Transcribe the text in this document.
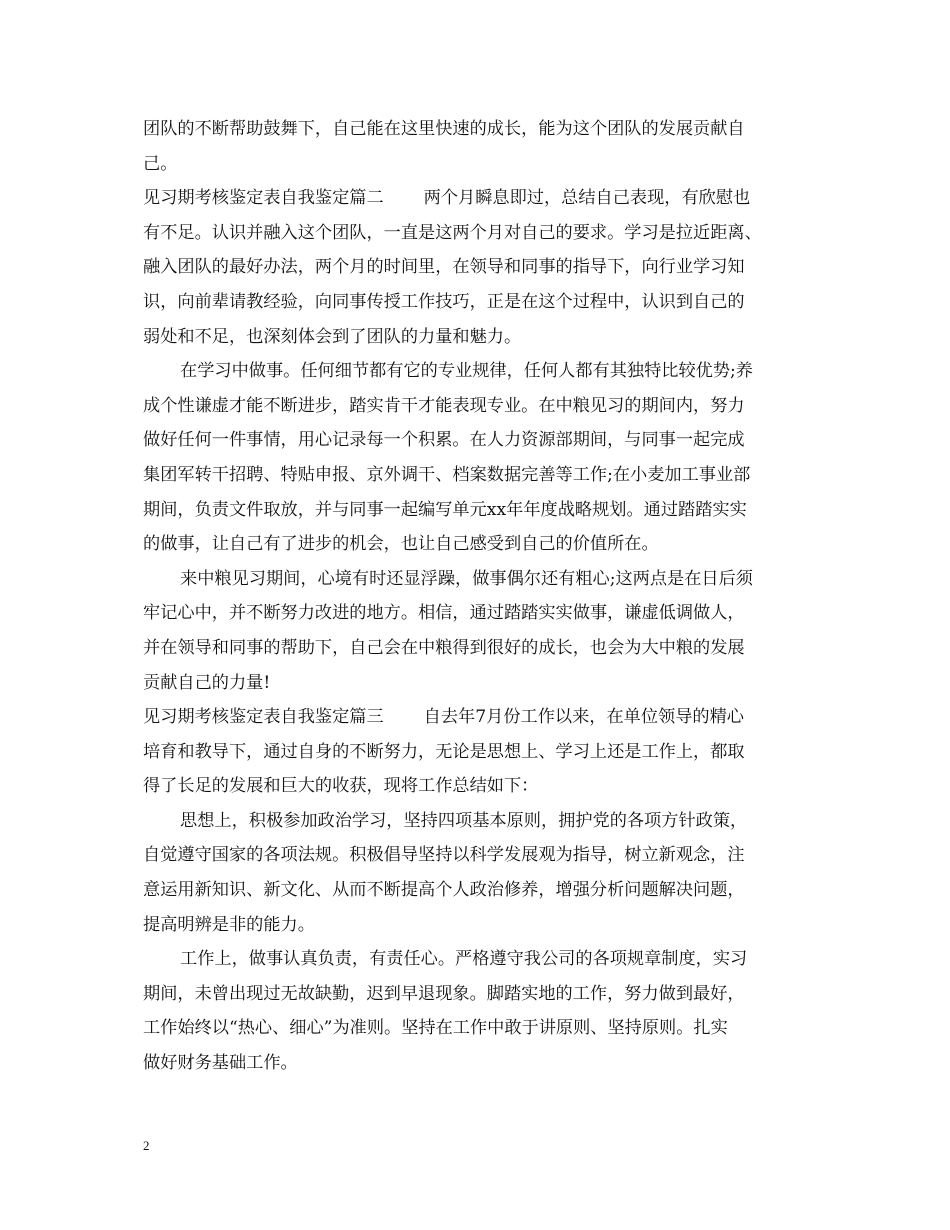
团队的不断帮助鼓舞下，自己能在这里快速的成长，能为这个团队的发展贡献自
己。
见习期考核鉴定表自我鉴定篇二 两个月瞬息即过，总结自己表现，有欣慰也
有不足。认识并融入这个团队，一直是这两个月对自己的要求。学习是拉近距离、
融入团队的最好办法，两个月的时间里，在领导和同事的指导下，向行业学习知
识，向前辈请教经验，向同事传授工作技巧，正是在这个过程中，认识到自己的
弱处和不足，也深刻体会到了团队的力量和魅力。
在学习中做事。任何细节都有它的专业规律，任何人都有其独特比较优势;养
成个性谦虚才能不断进步，踏实肯干才能表现专业。在中粮见习的期间内，努力
做好任何一件事情，用心记录每一个积累。在人力资源部期间，与同事一起完成
集团军转干招聘、特贴申报、京外调干、档案数据完善等工作;在小麦加工事业部
期间，负责文件取放，并与同事一起编写单元xx年年度战略规划。通过踏踏实实
的做事，让自己有了进步的机会，也让自己感受到自己的价值所在。
来中粮见习期间，心境有时还显浮躁，做事偶尔还有粗心;这两点是在日后须
牢记心中，并不断努力改进的地方。相信，通过踏踏实实做事，谦虚低调做人，
并在领导和同事的帮助下，自己会在中粮得到很好的成长，也会为大中粮的发展
贡献自己的力量!
见习期考核鉴定表自我鉴定篇三 自去年7月份工作以来，在单位领导的精心
培育和教导下，通过自身的不断努力，无论是思想上、学习上还是工作上，都取
得了长足的发展和巨大的收获，现将工作总结如下：
思想上，积极参加政治学习，坚持四项基本原则，拥护党的各项方针政策，
自觉遵守国家的各项法规。积极倡导坚持以科学发展观为指导，树立新观念，注
意运用新知识、新文化、从而不断提高个人政治修养，增强分析问题解决问题，
提高明辨是非的能力。
工作上，做事认真负责，有责任心。严格遵守我公司的各项规章制度，实习
期间，未曾出现过无故缺勤，迟到早退现象。脚踏实地的工作，努力做到最好，
工作始终以“热心、细心”为准则。坚持在工作中敢于讲原则、坚持原则。扎实
做好财务基础工作。
2
